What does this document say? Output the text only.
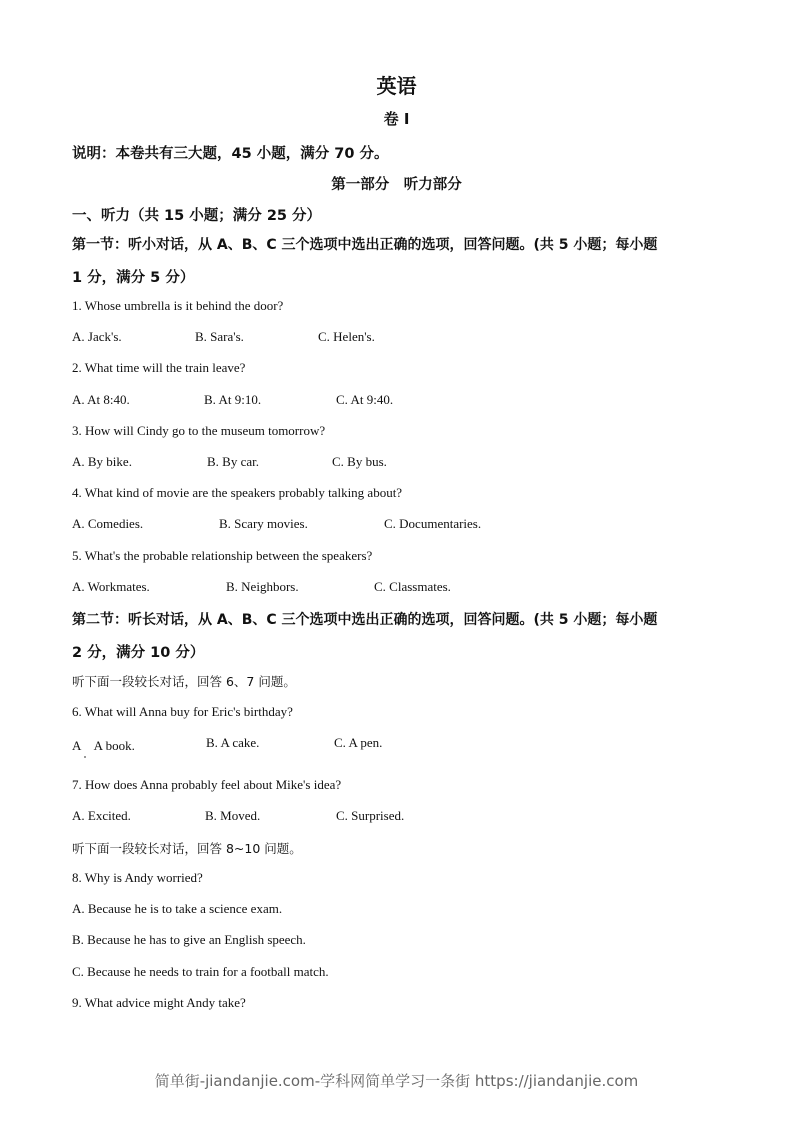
英语
卷 I
说明：本卷共有三大题，45 小题，满分 70 分。
第一部分　听力部分
一、听力（共 15 小题；满分 25 分）
第一节：听小对话，从 A、B、C 三个选项中选出正确的选项，回答问题。(共 5 小题；每小题
1 分，满分 5 分）
1. Whose umbrella is it behind the door?
A. Jack's.	B. Sara's.	C. Helen's.
2. What time will the train leave?
A. At 8:40.	B. At 9:10.	C. At 9:40.
3. How will Cindy go to the museum tomorrow?
A. By bike.	B. By car.	C. By bus.
4. What kind of movie are the speakers probably talking about?
A. Comedies.	B. Scary movies.	C. Documentaries.
5. What's the probable relationship between the speakers?
A. Workmates.	B. Neighbors.	C. Classmates.
第二节：听长对话，从 A、B、C 三个选项中选出正确的选项，回答问题。(共 5 小题；每小题
2 分，满分 10 分）
听下面一段较长对话，回答 6、7 问题。
6. What will Anna buy for Eric's birthday?
A　A book.	B. A cake.	C. A pen.
7. How does Anna probably feel about Mike's idea?
A. Excited.	B. Moved.	C. Surprised.
听下面一段较长对话，回答 8~10 问题。
8. Why is Andy worried?
A. Because he is to take a science exam.
B. Because he has to give an English speech.
C. Because he needs to train for a football match.
9. What advice might Andy take?
简单街-jiandanjie.com-学科网简单学习一条街 https://jiandanjie.com
